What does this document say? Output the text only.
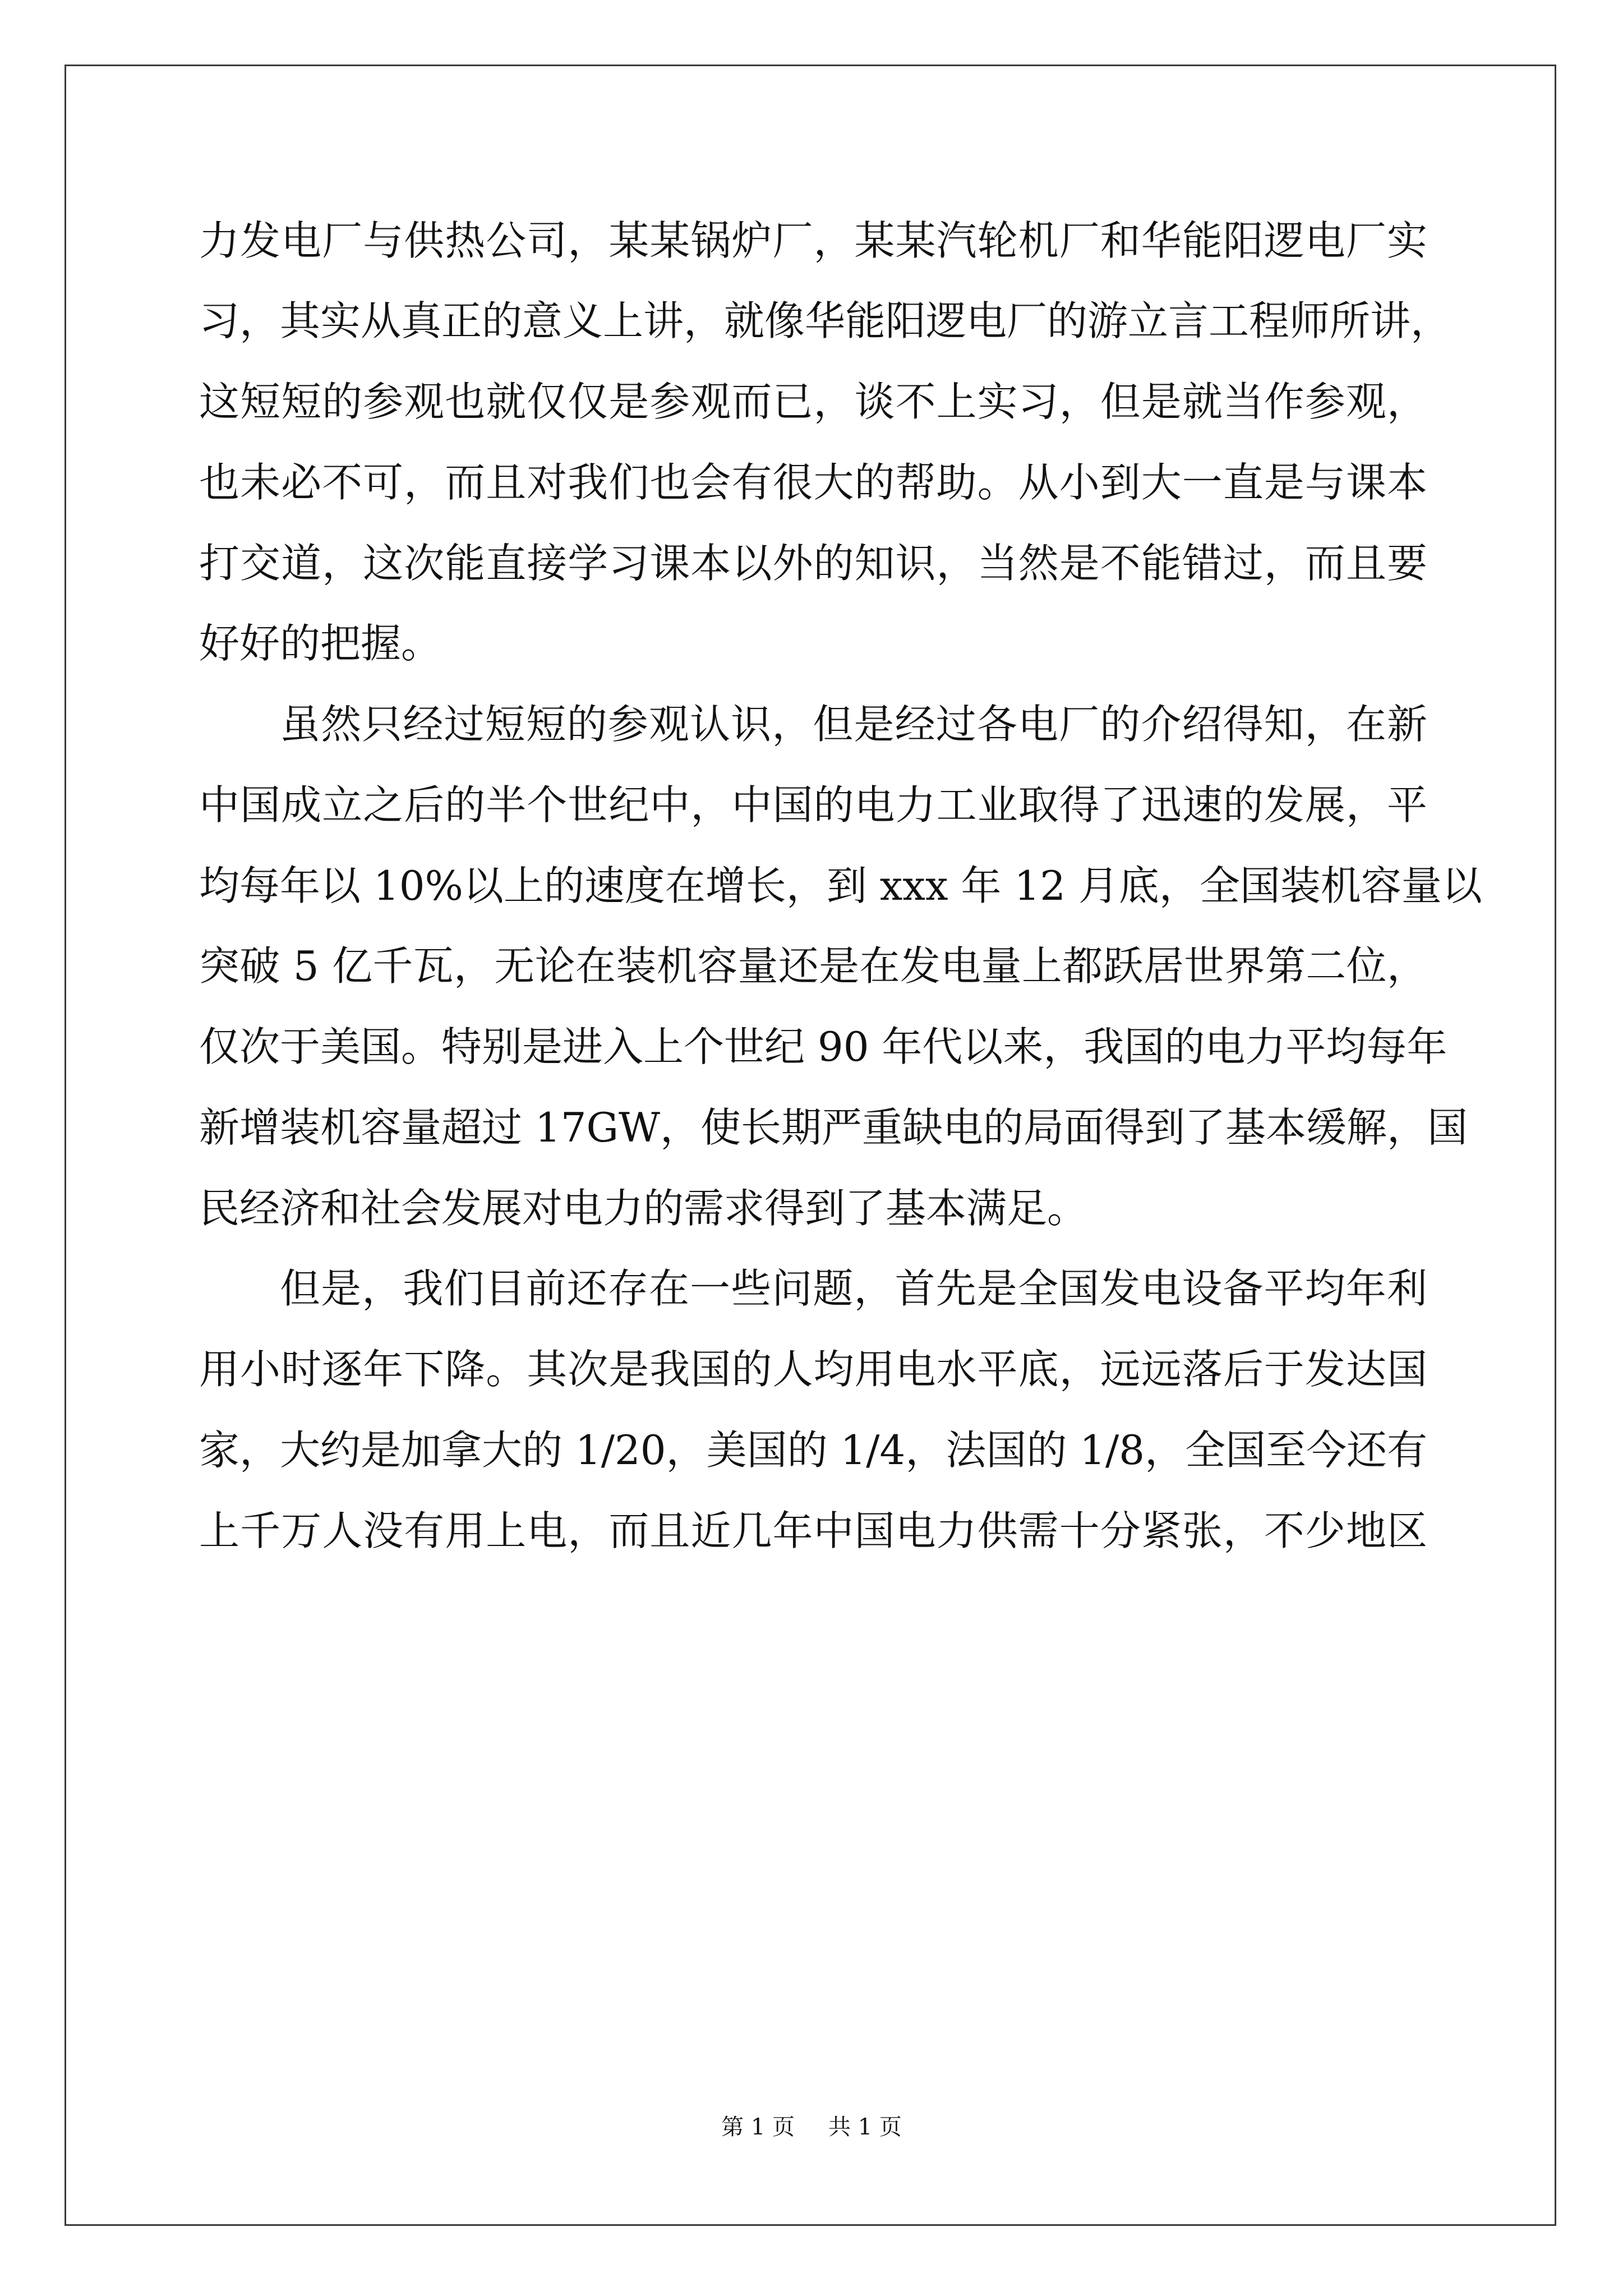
力发电厂与供热公司，某某锅炉厂，某某汽轮机厂和华能阳逻电厂实
习，其实从真正的意义上讲，就像华能阳逻电厂的游立言工程师所讲，
这短短的参观也就仅仅是参观而已，谈不上实习，但是就当作参观，
也未必不可，而且对我们也会有很大的帮助。从小到大一直是与课本
打交道，这次能直接学习课本以外的知识，当然是不能错过，而且要
好好的把握。
虽然只经过短短的参观认识，但是经过各电厂的介绍得知，在新
中国成立之后的半个世纪中，中国的电力工业取得了迅速的发展，平
均每年以 10%以上的速度在增长，到 xxx 年 12 月底，全国装机容量以
突破 5 亿千瓦，无论在装机容量还是在发电量上都跃居世界第二位，
仅次于美国。特别是进入上个世纪 90 年代以来，我国的电力平均每年
新增装机容量超过 17GW，使长期严重缺电的局面得到了基本缓解，国
民经济和社会发展对电力的需求得到了基本满足。
但是，我们目前还存在一些问题，首先是全国发电设备平均年利
用小时逐年下降。其次是我国的人均用电水平底，远远落后于发达国
家，大约是加拿大的 1/20，美国的 1/4，法国的 1/8，全国至今还有
上千万人没有用上电，而且近几年中国电力供需十分紧张，不少地区
第 1 页 共 1 页
